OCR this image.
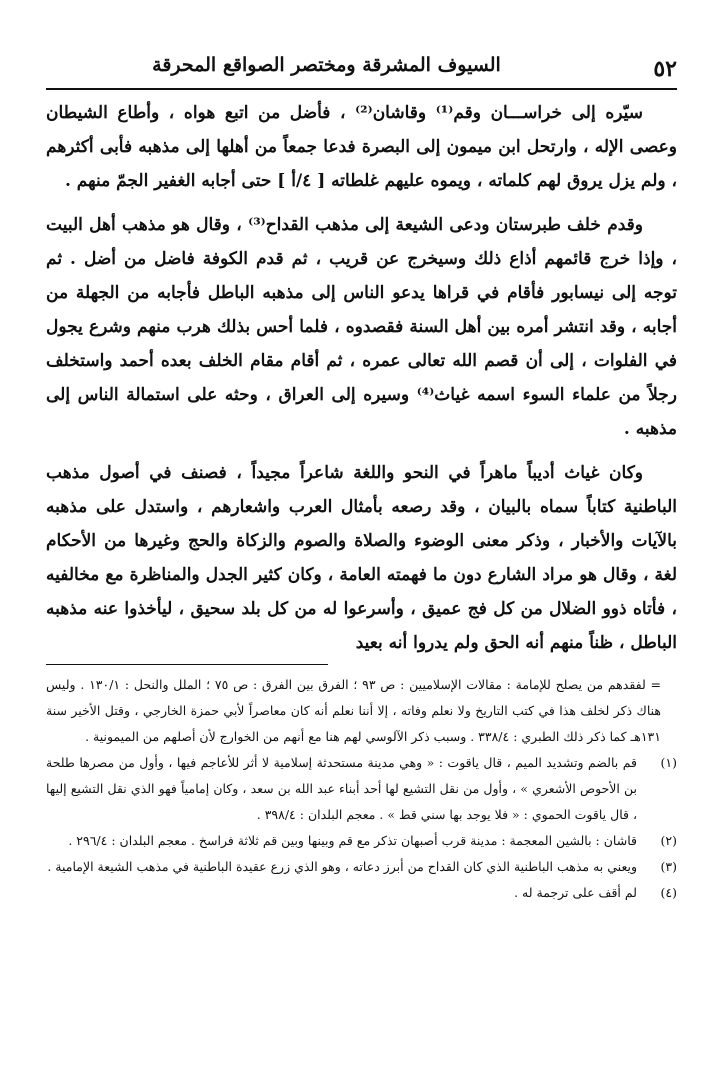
٥٢
السيوف المشرقة ومختصر الصواقع المحرقة

سيّره إلى خراســـان وقم⁽¹⁾ وقاشان⁽²⁾ ، فأضل من اتبع هواه ، وأطاع الشيطان وعصى الإله ، وارتحل ابن ميمون إلى البصرة فدعا جمعاً من أهلها إلى مذهبه فأبى أكثرهم ، ولم يزل يروق لهم كلماته ، ويموه عليهم غلطاته [ ٤/أ ] حتى أجابه الغفير الجمّ منهم .

وقدم خلف طبرستان ودعى الشيعة إلى مذهب القداح⁽³⁾ ، وقال هو مذهب أهل البيت ، وإذا خرج قائمهم أذاع ذلك وسيخرج عن قريب ، ثم قدم الكوفة فاضل من أضل . ثم توجه إلى نيسابور فأقام في قراها يدعو الناس إلى مذهبه الباطل فأجابه من الجهلة من أجابه ، وقد انتشر أمره بين أهل السنة فقصدوه ، فلما أحس بذلك هرب منهم وشرع يجول في الفلوات ، إلى أن قصم الله تعالى عمره ، ثم أقام مقام الخلف بعده أحمد واستخلف رجلاً من علماء السوء اسمه غياث⁽⁴⁾ وسيره إلى العراق ، وحثه على استمالة الناس إلى مذهبه .

وكان غياث أديباً ماهراً في النحو واللغة شاعراً مجيداً ، فصنف في أصول مذهب الباطنية كتاباً سماه بالبيان ، وقد رصعه بأمثال العرب واشعارهم ، واستدل على مذهبه بالآيات والأخبار ، وذكر معنى الوضوء والصلاة والصوم والزكاة والحج وغيرها من الأحكام لغة ، وقال هو مراد الشارع دون ما فهمته العامة ، وكان كثير الجدل والمناظرة مع مخالفيه ، فأتاه ذوو الضلال من كل فج عميق ، وأسرعوا له من كل بلد سحيق ، ليأخذوا عنه مذهبه الباطل ، ظناً منهم أنه الحق ولم يدروا أنه بعيد

= لفقدهم من يصلح للإمامة : مقالات الإسلاميين : ص ٩٣ ؛ الفرق بين الفرق : ص ٧٥ ؛ الملل والنحل : ١٣٠/١ . وليس هناك ذكر لخلف هذا في كتب التاريخ ولا نعلم وفاته ، إلا أننا نعلم أنه كان معاصراً لأبي حمزة الخارجي ، وقتل الأخير سنة ١٣١هـ كما ذكر ذلك الطبري : ٣٣٨/٤ . وسبب ذكر الآلوسي لهم هنا مع أنهم من الخوارج لأن أصلهم من الميمونية .

(١)
قم بالضم وتشديد الميم ، قال ياقوت : « وهي مدينة مستحدثة إسلامية لا أثر للأعاجم فيها ، وأول من مصرها طلحة بن الأحوص الأشعري » ، وأول من نقل التشيع لها أحد أبناء عبد الله بن سعد ، وكان إمامياً فهو الذي نقل التشيع إليها ، قال ياقوت الحموي : « فلا يوجد بها سني قط » . معجم البلدان : ٣٩٨/٤ .
(٢)
قاشان : بالشين المعجمة : مدينة قرب أصبهان تذكر مع قم وبينها وبين قم ثلاثة فراسخ . معجم البلدان : ٢٩٦/٤ .
(٣)
ويعني به مذهب الباطنية الذي كان القداح من أبرز دعاته ، وهو الذي زرع عقيدة الباطنية في مذهب الشيعة الإمامية .
(٤)
لم أقف على ترجمة له .
